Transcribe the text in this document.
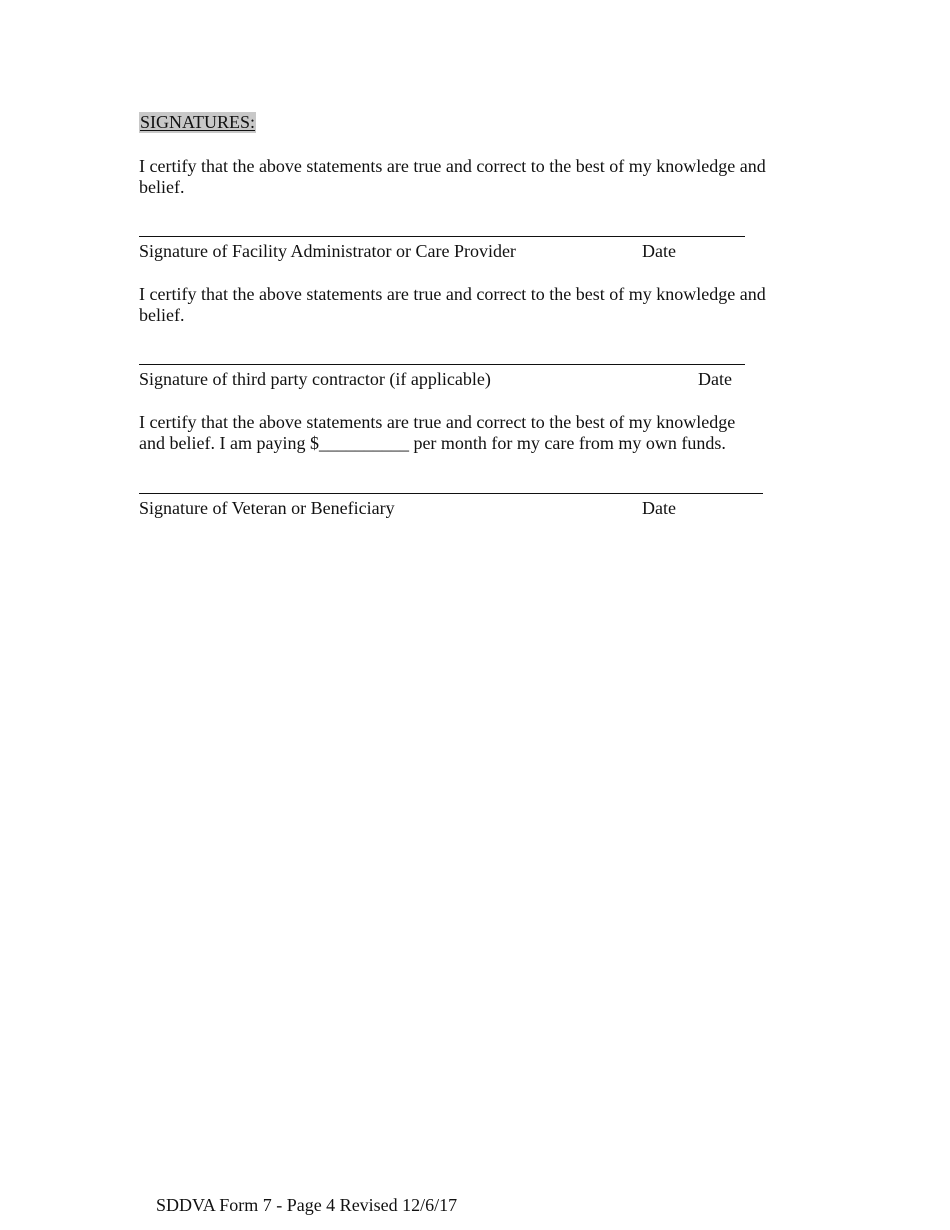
SIGNATURES:

I certify that the above statements are true and correct to the best of my knowledge and

belief.

Signature of Facility Administrator or Care Provider	Date

I certify that the above statements are true and correct to the best of my knowledge and

belief.

Signature of third party contractor (if applicable)	Date

I certify that the above statements are true and correct to the best of my knowledge

and belief. I am paying $__________ per month for my care from my own funds.

Signature of Veteran or Beneficiary	Date
SDDVA Form 7 - Page 4 Revised 12/6/17
